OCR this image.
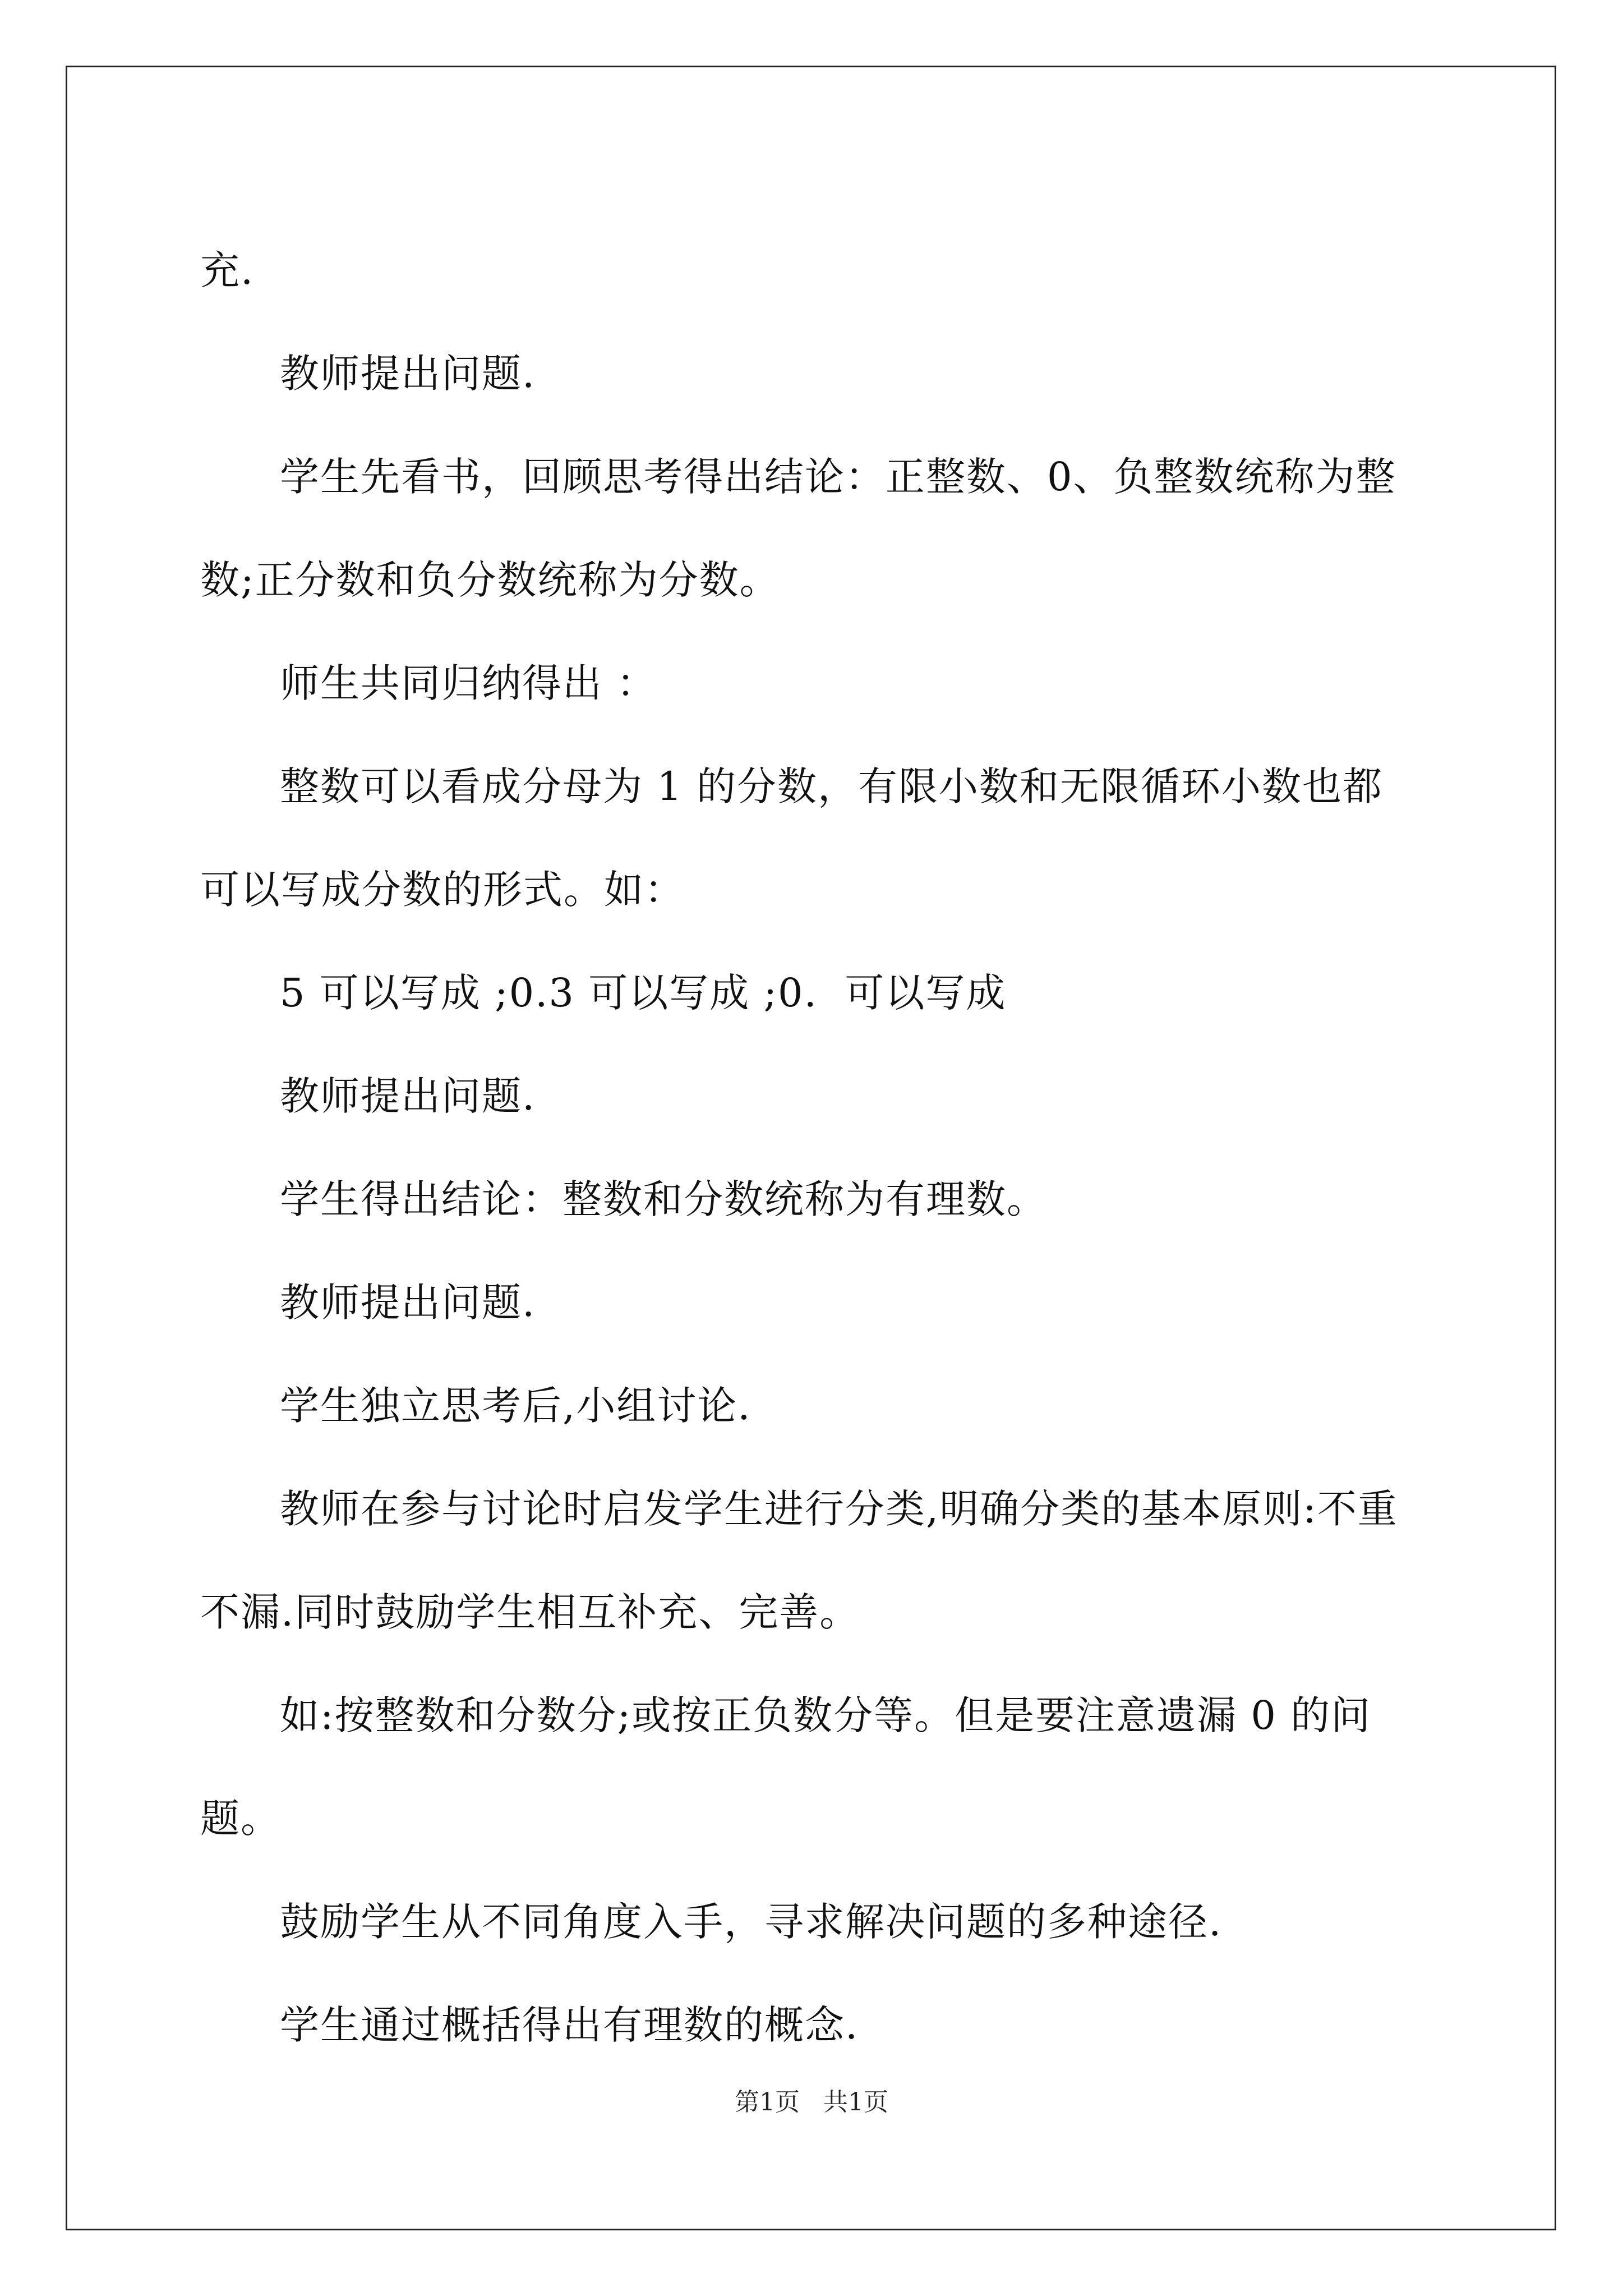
充.

教师提出问题.

学生先看书，回顾思考得出结论：正整数、0、负整数统称为整数;正分数和负分数统称为分数。

师生共同归纳得出 ：

整数可以看成分母为 1 的分数，有限小数和无限循环小数也都可以写成分数的形式。如：

5 可以写成 ;0.3 可以写成 ;0.  可以写成

教师提出问题.

学生得出结论：整数和分数统称为有理数。

教师提出问题.

学生独立思考后,小组讨论.

教师在参与讨论时启发学生进行分类,明确分类的基本原则:不重不漏.同时鼓励学生相互补充、完善。

如:按整数和分数分;或按正负数分等。但是要注意遗漏 0 的问题。

鼓励学生从不同角度入手，寻求解决问题的多种途径.

学生通过概括得出有理数的概念.

第1页   共1页
